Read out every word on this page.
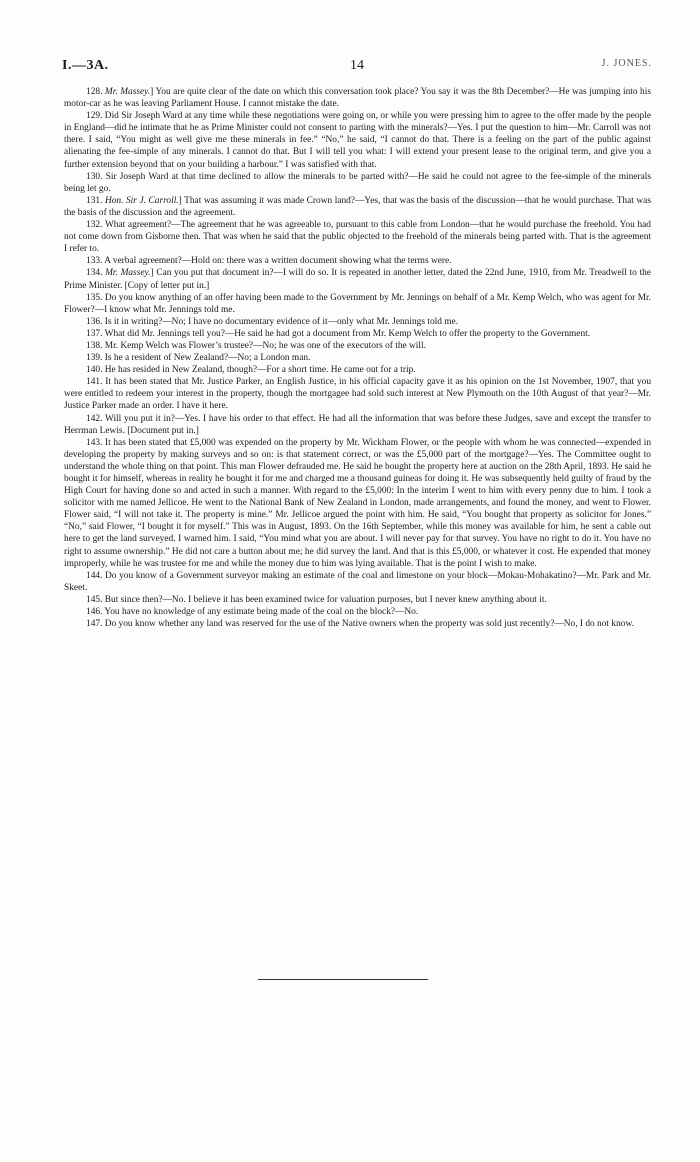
I.—3A.	14	J. JONES.

128. Mr. Massey.] You are quite clear of the date on which this conversation took place? You say it was the 8th December?—He was jumping into his motor-car as he was leaving Parliament House. I cannot mistake the date.

129. Did Sir Joseph Ward at any time while these negotiations were going on, or while you were pressing him to agree to the offer made by the people in England—did he intimate that he as Prime Minister could not consent to parting with the minerals?—Yes. I put the question to him—Mr. Carroll was not there. I said, “You might as well give me these minerals in fee.” “No,” he said, “I cannot do that. There is a feeling on the part of the public against alienating the fee-simple of any minerals. I cannot do that. But I will tell you what: I will extend your present lease to the original term, and give you a further extension beyond that on your building a harbour.” I was satisfied with that.

130. Sir Joseph Ward at that time declined to allow the minerals to be parted with?—He said he could not agree to the fee-simple of the minerals being let go.

131. Hon. Sir J. Carroll.] That was assuming it was made Crown land?—Yes, that was the basis of the discussion—that he would purchase. That was the basis of the discussion and the agreement.

132. What agreement?—The agreement that he was agreeable to, pursuant to this cable from London—that he would purchase the freehold. You had not come down from Gisborne then. That was when he said that the public objected to the freehold of the minerals being parted with. That is the agreement I refer to.

133. A verbal agreement?—Hold on: there was a written document showing what the terms were.

134. Mr. Massey.] Can you put that document in?—I will do so. It is repeated in another letter, dated the 22nd June, 1910, from Mr. Treadwell to the Prime Minister. [Copy of letter put in.]

135. Do you know anything of an offer having been made to the Government by Mr. Jennings on behalf of a Mr. Kemp Welch, who was agent for Mr. Flower?—I know what Mr. Jennings told me.

136. Is it in writing?—No; I have no documentary evidence of it—only what Mr. Jennings told me.

137. What did Mr. Jennings tell you?—He said he had got a document from Mr. Kemp Welch to offer the property to the Government.

138. Mr. Kemp Welch was Flower’s trustee?—No; he was one of the executors of the will.

139. Is he a resident of New Zealand?—No; a London man.

140. He has resided in New Zealand, though?—For a short time. He came out for a trip.

141. It has been stated that Mr. Justice Parker, an English Justice, in his official capacity gave it as his opinion on the 1st November, 1907, that you were entitled to redeem your interest in the property, though the mortgagee had sold such interest at New Plymouth on the 10th August of that year?—Mr. Justice Parker made an order. I have it here.

142. Will you put it in?—Yes. I have his order to that effect. He had all the information that was before these Judges, save and except the transfer to Herrman Lewis. [Document put in.]

143. It has been stated that £5,000 was expended on the property by Mr. Wickham Flower, or the people with whom he was connected—expended in developing the property by making surveys and so on: is that statement correct, or was the £5,000 part of the mortgage?—Yes. The Committee ought to understand the whole thing on that point. This man Flower defrauded me. He said he bought the property here at auction on the 28th April, 1893. He said he bought it for himself, whereas in reality he bought it for me and charged me a thousand guineas for doing it. He was subsequently held guilty of fraud by the High Court for having done so and acted in such a manner. With regard to the £5,000: In the interim I went to him with every penny due to him. I took a solicitor with me named Jellicoe. He went to the National Bank of New Zealand in London, made arrangements, and found the money, and went to Flower. Flower said, “I will not take it. The property is mine.” Mr. Jellicoe argued the point with him. He said, “You bought that property as solicitor for Jones.” “No,” said Flower, “I bought it for myself.” This was in August, 1893. On the 16th September, while this money was available for him, he sent a cable out here to get the land surveyed. I warned him. I said, “You mind what you are about. I will never pay for that survey. You have no right to do it. You have no right to assume ownership.” He did not care a button about me; he did survey the land. And that is this £5,000, or whatever it cost. He expended that money improperly, while he was trustee for me and while the money due to him was lying available. That is the point I wish to make.

144. Do you know of a Government surveyor making an estimate of the coal and limestone on your block—Mokau-Mohakatino?—Mr. Park and Mr. Skeet.

145. But since then?—No. I believe it has been examined twice for valuation purposes, but I never knew anything about it.

146. You have no knowledge of any estimate being made of the coal on the block?—No.

147. Do you know whether any land was reserved for the use of the Native owners when the property was sold just recently?—No, I do not know.
